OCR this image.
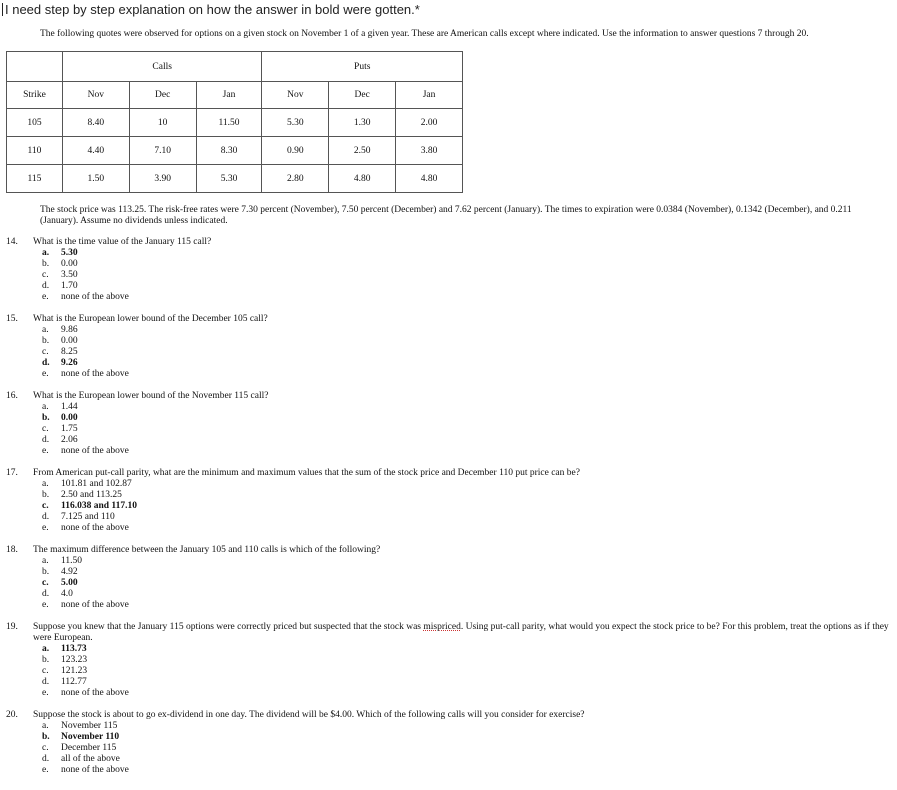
I need step by step explanation on how the answer in bold were gotten.*
The following quotes were observed for options on a given stock on November 1 of a given year. These are American calls except where indicated. Use the information to answer questions 7 through 20.
	Calls			Puts		
Strike	Nov	Dec	Jan	Nov	Dec	Jan
105	8.40	10	11.50	5.30	1.30	2.00
110	4.40	7.10	8.30	0.90	2.50	3.80
115	1.50	3.90	5.30	2.80	4.80	4.80
The stock price was 113.25. The risk-free rates were 7.30 percent (November), 7.50 percent (December) and 7.62 percent (January). The times to expiration were 0.0384 (November), 0.1342 (December), and 0.211 (January). Assume no dividends unless indicated.
14. What is the time value of the January 115 call?
a. 5.30
b. 0.00
c. 3.50
d. 1.70
e. none of the above
15. What is the European lower bound of the December 105 call?
a. 9.86
b. 0.00
c. 8.25
d. 9.26
e. none of the above
16. What is the European lower bound of the November 115 call?
a. 1.44
b. 0.00
c. 1.75
d. 2.06
e. none of the above
17. From American put-call parity, what are the minimum and maximum values that the sum of the stock price and December 110 put price can be?
a. 101.81 and 102.87
b. 2.50 and 113.25
c. 116.038 and 117.10
d. 7.125 and 110
e. none of the above
18. The maximum difference between the January 105 and 110 calls is which of the following?
a. 11.50
b. 4.92
c. 5.00
d. 4.0
e. none of the above
19. Suppose you knew that the January 115 options were correctly priced but suspected that the stock was mispriced. Using put-call parity, what would you expect the stock price to be? For this problem, treat the options as if they were European.
a. 113.73
b. 123.23
c. 121.23
d. 112.77
e. none of the above
20. Suppose the stock is about to go ex-dividend in one day. The dividend will be $4.00. Which of the following calls will you consider for exercise?
a. November 115
b. November 110
c. December 115
d. all of the above
e. none of the above
